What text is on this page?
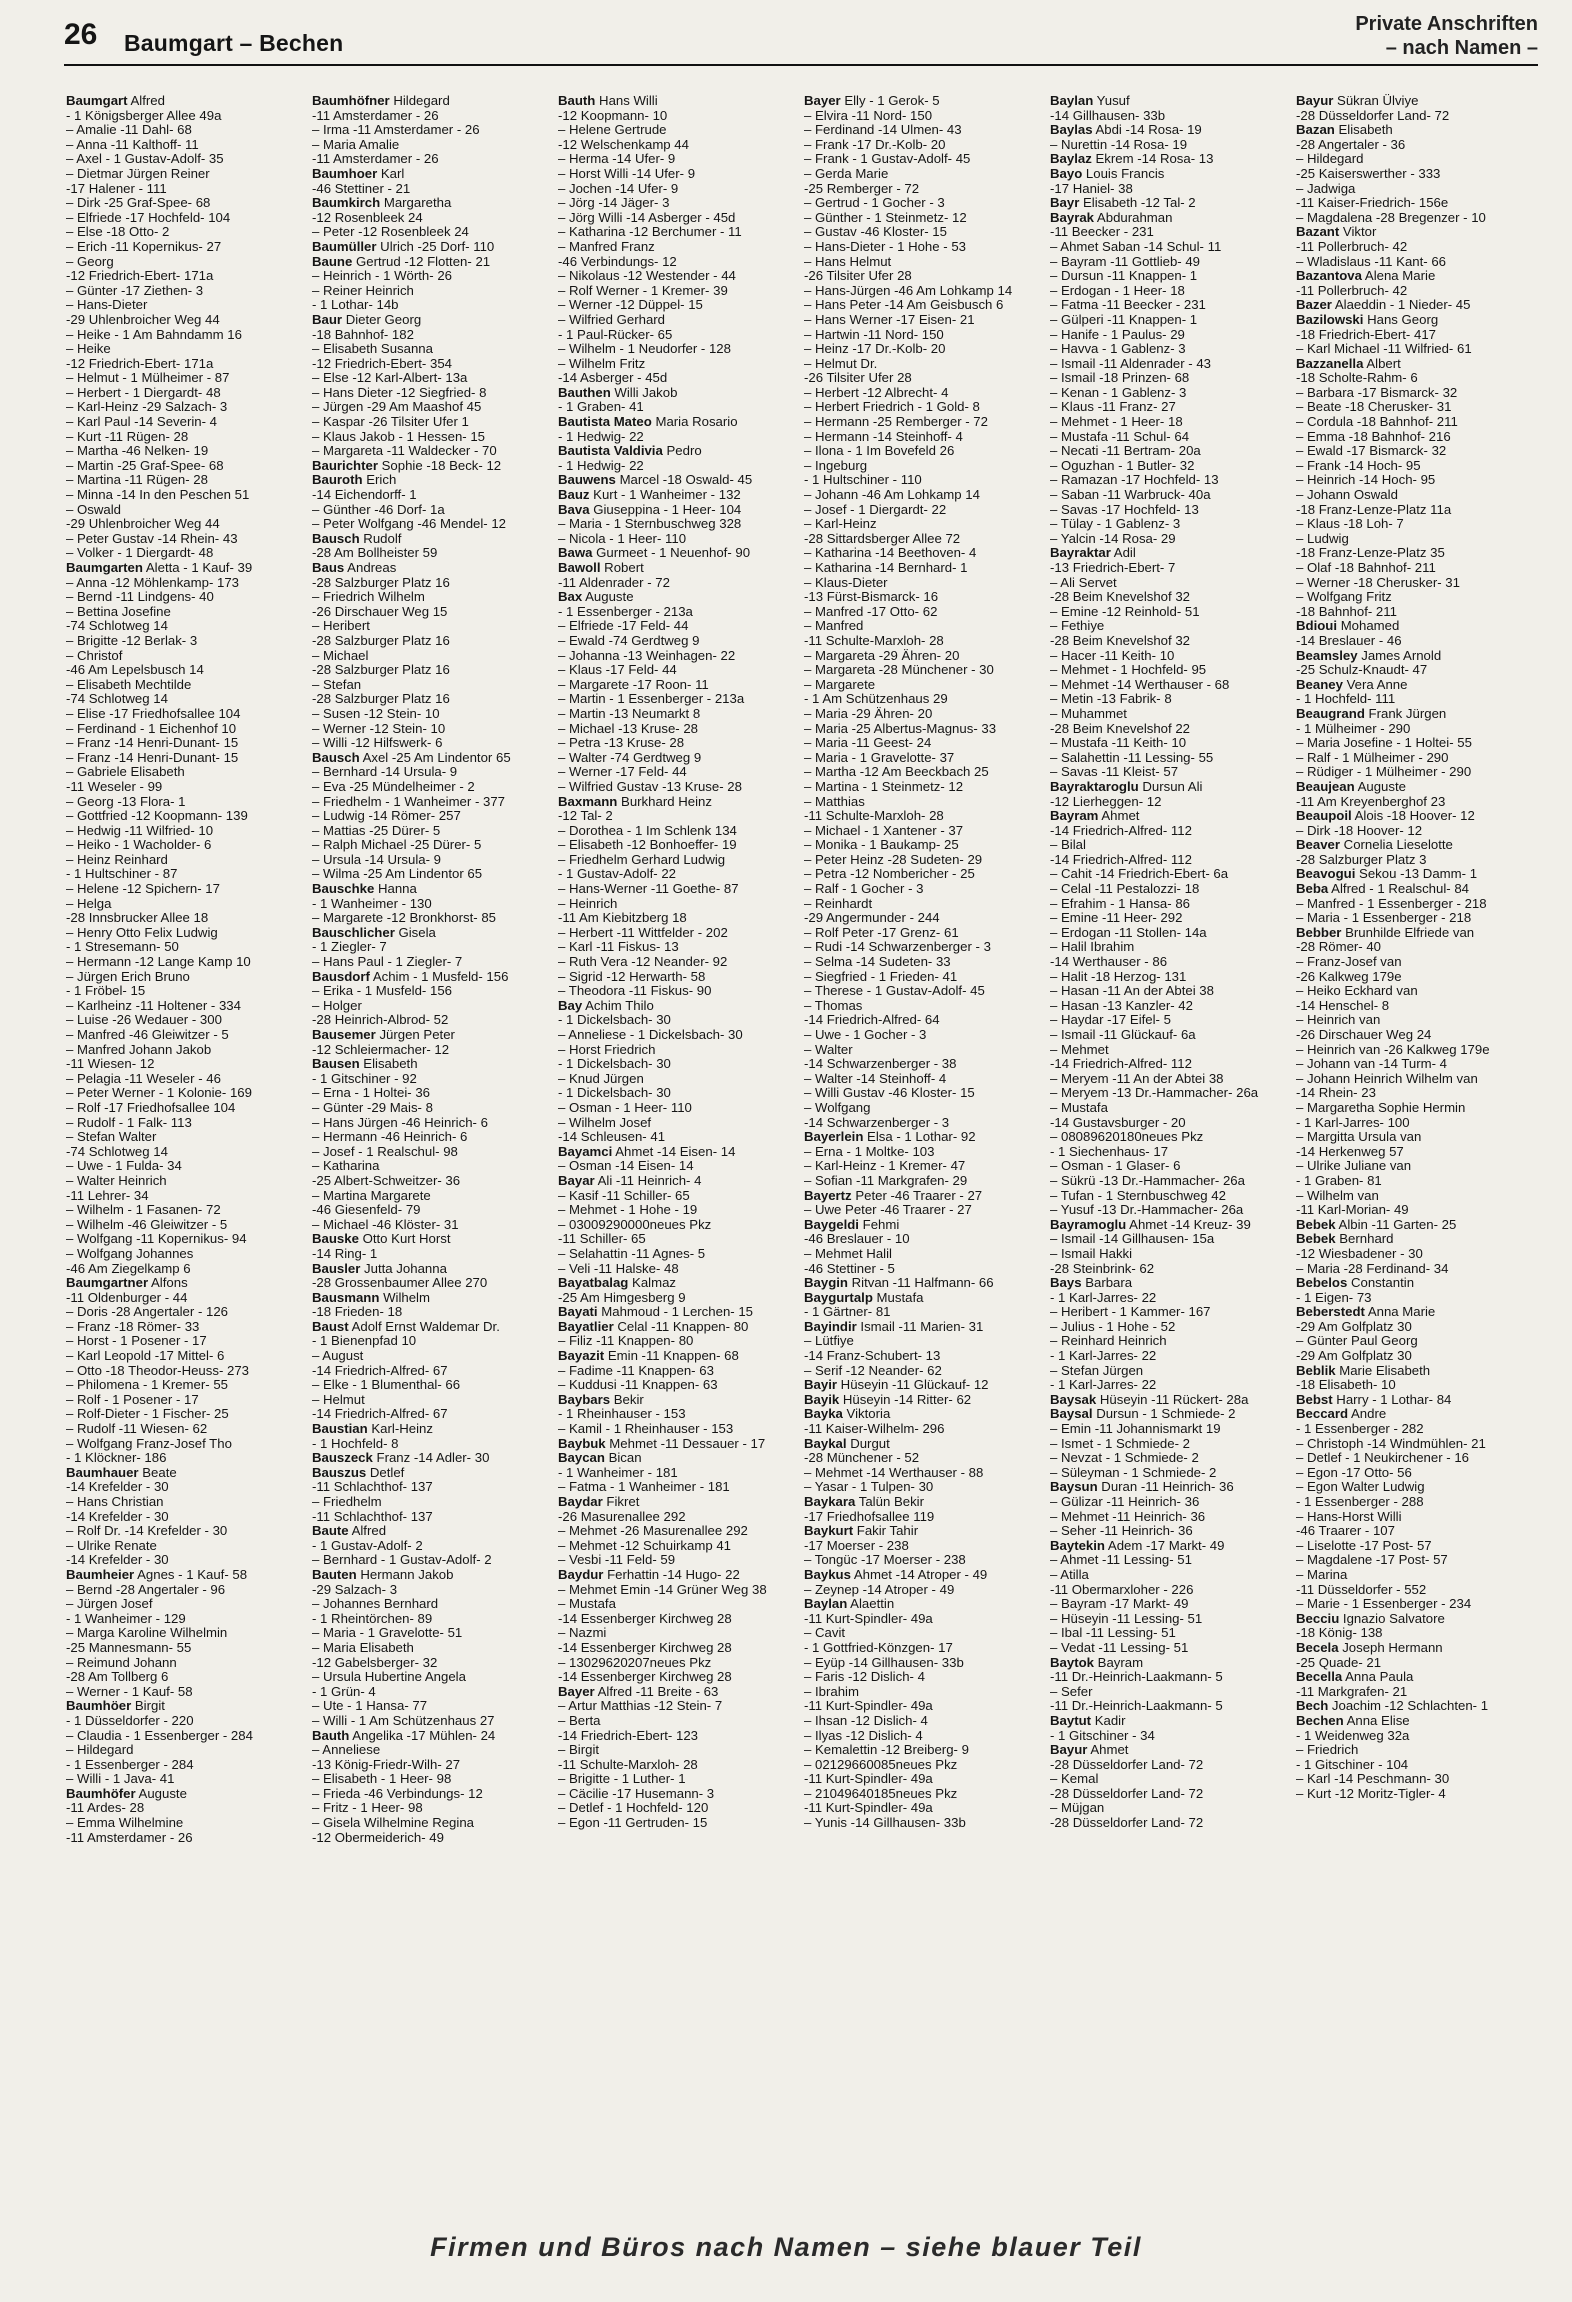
26 Baumgart – Bechen
Private Anschriften
– nach Namen –
Baumgart Alfred
- 1 Königsberger Allee 49a
– Amalie -11 Dahl- 68
– Anna -11 Kalthoff- 11
– Axel - 1 Gustav-Adolf- 35
– Dietmar Jürgen Reiner
-17 Halener - 111
– Dirk -25 Graf-Spee- 68
– Elfriede -17 Hochfeld- 104
– Else -18 Otto- 2
– Erich -11 Kopernikus- 27
– Georg
-12 Friedrich-Ebert- 171a
– Günter -17 Ziethen- 3
– Hans-Dieter
-29 Uhlenbroicher Weg 44
– Heike - 1 Am Bahndamm 16
– Heike
-12 Friedrich-Ebert- 171a
– Helmut - 1 Mülheimer - 87
– Herbert - 1 Diergardt- 48
– Karl-Heinz -29 Salzach- 3
– Karl Paul -14 Severin- 4
– Kurt -11 Rügen- 28
– Martha -46 Nelken- 19
– Martin -25 Graf-Spee- 68
– Martina -11 Rügen- 28
– Minna -14 In den Peschen 51
– Oswald
-29 Uhlenbroicher Weg 44
– Peter Gustav -14 Rhein- 43
– Volker - 1 Diergardt- 48
Baumgarten Aletta - 1 Kauf- 39
– Anna -12 Möhlenkamp- 173
– Bernd -11 Lindgens- 40
– Bettina Josefine
-74 Schlotweg 14
– Brigitte -12 Berlak- 3
– Christof
-46 Am Lepelsbusch 14
– Elisabeth Mechtilde
-74 Schlotweg 14
– Elise -17 Friedhofsallee 104
– Ferdinand - 1 Eichenhof 10
– Franz -14 Henri-Dunant- 15
– Franz -14 Henri-Dunant- 15
– Gabriele Elisabeth
-11 Weseler - 99
– Georg -13 Flora- 1
– Gottfried -12 Koopmann- 139
– Hedwig -11 Wilfried- 10
– Heiko - 1 Wacholder- 6
– Heinz Reinhard
- 1 Hultschiner - 87
– Helene -12 Spichern- 17
– Helga
-28 Innsbrucker Allee 18
– Henry Otto Felix Ludwig
- 1 Stresemann- 50
– Hermann -12 Lange Kamp 10
– Jürgen Erich Bruno
- 1 Fröbel- 15
– Karlheinz -11 Holtener - 334
– Luise -26 Wedauer - 300
– Manfred -46 Gleiwitzer - 5
– Manfred Johann Jakob
-11 Wiesen- 12
– Pelagia -11 Weseler - 46
– Peter Werner - 1 Kolonie- 169
– Rolf -17 Friedhofsallee 104
– Rudolf - 1 Falk- 113
– Stefan Walter
-74 Schlotweg 14
– Uwe - 1 Fulda- 34
– Walter Heinrich
-11 Lehrer- 34
– Wilhelm - 1 Fasanen- 72
– Wilhelm -46 Gleiwitzer - 5
– Wolfgang -11 Kopernikus- 94
– Wolfgang Johannes
-46 Am Ziegelkamp 6
Baumgartner Alfons
-11 Oldenburger - 44
– Doris -28 Angertaler - 126
– Franz -18 Römer- 33
– Horst - 1 Posener - 17
– Karl Leopold -17 Mittel- 6
– Otto -18 Theodor-Heuss- 273
– Philomena - 1 Kremer- 55
– Rolf - 1 Posener - 17
– Rolf-Dieter - 1 Fischer- 25
– Rudolf -11 Wiesen- 62
– Wolfgang Franz-Josef Tho
- 1 Klöckner- 186
Baumhauer Beate
-14 Krefelder - 30
– Hans Christian
-14 Krefelder - 30
– Rolf Dr. -14 Krefelder - 30
– Ulrike Renate
-14 Krefelder - 30
Baumheier Agnes - 1 Kauf- 58
– Bernd -28 Angertaler - 96
– Jürgen Josef
- 1 Wanheimer - 129
– Marga Karoline Wilhelmin
-25 Mannesmann- 55
– Reimund Johann
-28 Am Tollberg 6
– Werner - 1 Kauf- 58
Baumhöer Birgit
- 1 Düsseldorfer - 220
– Claudia - 1 Essenberger - 284
– Hildegard
- 1 Essenberger - 284
– Willi - 1 Java- 41
Baumhöfer Auguste
-11 Ardes- 28
– Emma Wilhelmine
-11 Amsterdamer - 26
Baumhöfner Hildegard
-11 Amsterdamer - 26
– Irma -11 Amsterdamer - 26
– Maria Amalie
-11 Amsterdamer - 26
Baumhoer Karl
-46 Stettiner - 21
Baumkirch Margaretha
-12 Rosenbleek 24
– Peter -12 Rosenbleek 24
Baumüller Ulrich -25 Dorf- 110
Baune Gertrud -12 Flotten- 21
– Heinrich - 1 Wörth- 26
– Reiner Heinrich
- 1 Lothar- 14b
Baur Dieter Georg
-18 Bahnhof- 182
– Elisabeth Susanna
-12 Friedrich-Ebert- 354
– Else -12 Karl-Albert- 13a
– Hans Dieter -12 Siegfried- 8
– Jürgen -29 Am Maashof 45
– Kaspar -26 Tilsiter Ufer 1
– Klaus Jakob - 1 Hessen- 15
– Margareta -11 Waldecker - 70
Baurichter Sophie -18 Beck- 12
Bauroth Erich
-14 Eichendorff- 1
– Günther -46 Dorf- 1a
– Peter Wolfgang -46 Mendel- 12
Bausch Rudolf
-28 Am Bollheister 59
Baus Andreas
-28 Salzburger Platz 16
– Friedrich Wilhelm
-26 Dirschauer Weg 15
– Heribert
-28 Salzburger Platz 16
– Michael
-28 Salzburger Platz 16
– Stefan
-28 Salzburger Platz 16
– Susen -12 Stein- 10
– Werner -12 Stein- 10
– Willi -12 Hilfswerk- 6
Bausch Axel -25 Am Lindentor 65
– Bernhard -14 Ursula- 9
– Eva -25 Mündelheimer - 2
– Friedhelm - 1 Wanheimer - 377
– Ludwig -14 Römer- 257
– Mattias -25 Dürer- 5
– Ralph Michael -25 Dürer- 5
– Ursula -14 Ursula- 9
– Wilma -25 Am Lindentor 65
Bauschke Hanna
- 1 Wanheimer - 130
– Margarete -12 Bronkhorst- 85
Bauschlicher Gisela
- 1 Ziegler- 7
– Hans Paul - 1 Ziegler- 7
Bausdorf Achim - 1 Musfeld- 156
– Erika - 1 Musfeld- 156
– Holger
-28 Heinrich-Albrod- 52
Bausemer Jürgen Peter
-12 Schleiermacher- 12
Bausen Elisabeth
- 1 Gitschiner - 92
– Erna - 1 Holtei- 36
– Günter -29 Mais- 8
– Hans Jürgen -46 Heinrich- 6
– Hermann -46 Heinrich- 6
– Josef - 1 Realschul- 98
– Katharina
-25 Albert-Schweitzer- 36
– Martina Margarete
-46 Giesenfeld- 79
– Michael -46 Klöster- 31
Bauske Otto Kurt Horst
-14 Ring- 1
Bausler Jutta Johanna
-28 Grossenbaumer Allee 270
Bausmann Wilhelm
-18 Frieden- 18
Baust Adolf Ernst Waldemar Dr.
- 1 Bienenpfad 10
– August
-14 Friedrich-Alfred- 67
– Elke - 1 Blumenthal- 66
– Helmut
-14 Friedrich-Alfred- 67
Baustian Karl-Heinz
- 1 Hochfeld- 8
Bauszeck Franz -14 Adler- 30
Bauszus Detlef
-11 Schlachthof- 137
– Friedhelm
-11 Schlachthof- 137
Baute Alfred
- 1 Gustav-Adolf- 2
– Bernhard - 1 Gustav-Adolf- 2
Bauten Hermann Jakob
-29 Salzach- 3
– Johannes Bernhard
- 1 Rheintörchen- 89
– Maria - 1 Gravelotte- 51
– Maria Elisabeth
-12 Gabelsberger- 32
– Ursula Hubertine Angela
- 1 Grün- 4
– Ute - 1 Hansa- 77
– Willi - 1 Am Schützenhaus 27
Bauth Angelika -17 Mühlen- 24
– Anneliese
-13 König-Friedr-Wilh- 27
– Elisabeth - 1 Heer- 98
– Frieda -46 Verbindungs- 12
– Fritz - 1 Heer- 98
– Gisela Wilhelmine Regina
-12 Obermeiderich- 49
Bauth Hans Willi
-12 Koopmann- 10
– Helene Gertrude
-12 Welschenkamp 44
– Herma -14 Ufer- 9
– Horst Willi -14 Ufer- 9
– Jochen -14 Ufer- 9
– Jörg -14 Jäger- 3
– Jörg Willi -14 Asberger - 45d
– Katharina -12 Berchumer - 11
– Manfred Franz
-46 Verbindungs- 12
– Nikolaus -12 Westender - 44
– Rolf Werner - 1 Kremer- 39
– Werner -12 Düppel- 15
– Wilfried Gerhard
- 1 Paul-Rücker- 65
– Wilhelm - 1 Neudorfer - 128
– Wilhelm Fritz
-14 Asberger - 45d
Bauthen Willi Jakob
- 1 Graben- 41
Bautista Mateo Maria Rosario
- 1 Hedwig- 22
Bautista Valdivia Pedro
- 1 Hedwig- 22
Bauwens Marcel -18 Oswald- 45
Bauz Kurt - 1 Wanheimer - 132
Bava Giuseppina - 1 Heer- 104
– Maria - 1 Sternbuschweg 328
– Nicola - 1 Heer- 110
Bawa Gurmeet - 1 Neuenhof- 90
Bawoll Robert
-11 Aldenrader - 72
Bax Auguste
- 1 Essenberger - 213a
– Elfriede -17 Feld- 44
– Ewald -74 Gerdtweg 9
– Johanna -13 Weinhagen- 22
– Klaus -17 Feld- 44
– Margarete -17 Roon- 11
– Martin - 1 Essenberger - 213a
– Martin -13 Neumarkt 8
– Michael -13 Kruse- 28
– Petra -13 Kruse- 28
– Walter -74 Gerdtweg 9
– Werner -17 Feld- 44
– Wilfried Gustav -13 Kruse- 28
Baxmann Burkhard Heinz
-12 Tal- 2
– Dorothea - 1 Im Schlenk 134
– Elisabeth -12 Bonhoeffer- 19
– Friedhelm Gerhard Ludwig
- 1 Gustav-Adolf- 22
– Hans-Werner -11 Goethe- 87
– Heinrich
-11 Am Kiebitzberg 18
– Herbert -11 Wittfelder - 202
– Karl -11 Fiskus- 13
– Ruth Vera -12 Neander- 92
– Sigrid -12 Herwarth- 58
– Theodora -11 Fiskus- 90
Bay Achim Thilo
- 1 Dickelsbach- 30
– Anneliese - 1 Dickelsbach- 30
– Horst Friedrich
- 1 Dickelsbach- 30
– Knud Jürgen
- 1 Dickelsbach- 30
– Osman - 1 Heer- 110
– Wilhelm Josef
-14 Schleusen- 41
Bayamci Ahmet -14 Eisen- 14
– Osman -14 Eisen- 14
Bayar Ali -11 Heinrich- 4
– Kasif -11 Schiller- 65
– Mehmet - 1 Hohe - 19
– 03009290000neues Pkz
-11 Schiller- 65
– Selahattin -11 Agnes- 5
– Veli -11 Halske- 48
Bayatbalag Kalmaz
-25 Am Himgesberg 9
Bayati Mahmoud - 1 Lerchen- 15
Bayatlier Celal -11 Knappen- 80
– Filiz -11 Knappen- 80
Bayazit Emin -11 Knappen- 68
– Fadime -11 Knappen- 63
– Kuddusi -11 Knappen- 63
Baybars Bekir
- 1 Rheinhauser - 153
– Kamil - 1 Rheinhauser - 153
Baybuk Mehmet -11 Dessauer - 17
Baycan Bican
- 1 Wanheimer - 181
– Fatma - 1 Wanheimer - 181
Baydar Fikret
-26 Masurenallee 292
– Mehmet -26 Masurenallee 292
– Mehmet -12 Schuirkamp 41
– Vesbi -11 Feld- 59
Baydur Ferhattin -14 Hugo- 22
– Mehmet Emin -14 Grüner Weg 38
– Mustafa
-14 Essenberger Kirchweg 28
– Nazmi
-14 Essenberger Kirchweg 28
– 13029620207neues Pkz
-14 Essenberger Kirchweg 28
Bayer Alfred -11 Breite - 63
– Artur Matthias -12 Stein- 7
– Berta
-14 Friedrich-Ebert- 123
– Birgit
-11 Schulte-Marxloh- 28
– Brigitte - 1 Luther- 1
– Cäcilie -17 Husemann- 3
– Detlef - 1 Hochfeld- 120
– Egon -11 Gertruden- 15
Bayer Elly - 1 Gerok- 5
– Elvira -11 Nord- 150
– Ferdinand -14 Ulmen- 43
– Frank -17 Dr.-Kolb- 20
– Frank - 1 Gustav-Adolf- 45
– Gerda Marie
-25 Remberger - 72
– Gertrud - 1 Gocher - 3
– Günther - 1 Steinmetz- 12
– Gustav -46 Kloster- 15
– Hans-Dieter - 1 Hohe - 53
– Hans Helmut
-26 Tilsiter Ufer 28
– Hans-Jürgen -46 Am Lohkamp 14
– Hans Peter -14 Am Geisbusch 6
– Hans Werner -17 Eisen- 21
– Hartwin -11 Nord- 150
– Heinz -17 Dr.-Kolb- 20
– Helmut Dr.
-26 Tilsiter Ufer 28
– Herbert -12 Albrecht- 4
– Herbert Friedrich - 1 Gold- 8
– Hermann -25 Remberger - 72
– Hermann -14 Steinhoff- 4
– Ilona - 1 Im Bovefeld 26
– Ingeburg
- 1 Hultschiner - 110
– Johann -46 Am Lohkamp 14
– Josef - 1 Diergardt- 22
– Karl-Heinz
-28 Sittardsberger Allee 72
– Katharina -14 Beethoven- 4
– Katharina -14 Bernhard- 1
– Klaus-Dieter
-13 Fürst-Bismarck- 16
– Manfred -17 Otto- 62
– Manfred
-11 Schulte-Marxloh- 28
– Margareta -29 Ähren- 20
– Margareta -28 Münchener - 30
– Margarete
- 1 Am Schützenhaus 29
– Maria -29 Ähren- 20
– Maria -25 Albertus-Magnus- 33
– Maria -11 Geest- 24
– Maria - 1 Gravelotte- 37
– Martha -12 Am Beeckbach 25
– Martina - 1 Steinmetz- 12
– Matthias
-11 Schulte-Marxloh- 28
– Michael - 1 Xantener - 37
– Monika - 1 Baukamp- 25
– Peter Heinz -28 Sudeten- 29
– Petra -12 Nombericher - 25
– Ralf - 1 Gocher - 3
– Reinhardt
-29 Angermunder - 244
– Rolf Peter -17 Grenz- 61
– Rudi -14 Schwarzenberger - 3
– Selma -14 Sudeten- 33
– Siegfried - 1 Frieden- 41
– Therese - 1 Gustav-Adolf- 45
– Thomas
-14 Friedrich-Alfred- 64
– Uwe - 1 Gocher - 3
– Walter
-14 Schwarzenberger - 38
– Walter -14 Steinhoff- 4
– Willi Gustav -46 Kloster- 15
– Wolfgang
-14 Schwarzenberger - 3
Bayerlein Elsa - 1 Lothar- 92
– Erna - 1 Moltke- 103
– Karl-Heinz - 1 Kremer- 47
– Sofian -11 Markgrafen- 29
Bayertz Peter -46 Traarer - 27
– Uwe Peter -46 Traarer - 27
Baygeldi Fehmi
-46 Breslauer - 10
– Mehmet Halil
-46 Stettiner - 5
Baygin Ritvan -11 Halfmann- 66
Baygurtalp Mustafa
- 1 Gärtner- 81
Bayindir Ismail -11 Marien- 31
– Lütfiye
-14 Franz-Schubert- 13
– Serif -12 Neander- 62
Bayir Hüseyin -11 Glückauf- 12
Bayik Hüseyin -14 Ritter- 62
Bayka Viktoria
-11 Kaiser-Wilhelm- 296
Baykal Durgut
-28 Münchener - 52
– Mehmet -14 Werthauser - 88
– Yasar - 1 Tulpen- 30
Baykara Talün Bekir
-17 Friedhofsallee 119
Baykurt Fakir Tahir
-17 Moerser - 238
– Tongüc -17 Moerser - 238
Baykus Ahmet -14 Atroper - 49
– Zeynep -14 Atroper - 49
Baylan Alaettin
-11 Kurt-Spindler- 49a
– Cavit
- 1 Gottfried-Könzgen- 17
– Eyüp -14 Gillhausen- 33b
– Faris -12 Dislich- 4
– Ibrahim
-11 Kurt-Spindler- 49a
– Ihsan -12 Dislich- 4
– Ilyas -12 Dislich- 4
– Kemalettin -12 Breiberg- 9
– 02129660085neues Pkz
-11 Kurt-Spindler- 49a
– 21049640185neues Pkz
-11 Kurt-Spindler- 49a
– Yunis -14 Gillhausen- 33b
Baylan Yusuf
-14 Gillhausen- 33b
Baylas Abdi -14 Rosa- 19
– Nurettin -14 Rosa- 19
Baylaz Ekrem -14 Rosa- 13
Bayo Louis Francis
-17 Haniel- 38
Bayr Elisabeth -12 Tal- 2
Bayrak Abdurahman
-11 Beecker - 231
– Ahmet Saban -14 Schul- 11
– Bayram -11 Gottlieb- 49
– Dursun -11 Knappen- 1
– Erdogan - 1 Heer- 18
– Fatma -11 Beecker - 231
– Gülperi -11 Knappen- 1
– Hanife - 1 Paulus- 29
– Havva - 1 Gablenz- 3
– Ismail -11 Aldenrader - 43
– Ismail -18 Prinzen- 68
– Kenan - 1 Gablenz- 3
– Klaus -11 Franz- 27
– Mehmet - 1 Heer- 18
– Mustafa -11 Schul- 64
– Necati -11 Bertram- 20a
– Oguzhan - 1 Butler- 32
– Ramazan -17 Hochfeld- 13
– Saban -11 Warbruck- 40a
– Savas -17 Hochfeld- 13
– Tülay - 1 Gablenz- 3
– Yalcin -14 Rosa- 29
Bayraktar Adil
-13 Friedrich-Ebert- 7
– Ali Servet
-28 Beim Knevelshof 32
– Emine -12 Reinhold- 51
– Fethiye
-28 Beim Knevelshof 32
– Hacer -11 Keith- 10
– Mehmet - 1 Hochfeld- 95
– Mehmet -14 Werthauser - 68
– Metin -13 Fabrik- 8
– Muhammet
-28 Beim Knevelshof 22
– Mustafa -11 Keith- 10
– Salahettin -11 Lessing- 55
– Savas -11 Kleist- 57
Bayraktaroglu Dursun Ali
-12 Lierheggen- 12
Bayram Ahmet
-14 Friedrich-Alfred- 112
– Bilal
-14 Friedrich-Alfred- 112
– Cahit -14 Friedrich-Ebert- 6a
– Celal -11 Pestalozzi- 18
– Efrahim - 1 Hansa- 86
– Emine -11 Heer- 292
– Erdogan -11 Stollen- 14a
– Halil Ibrahim
-14 Werthauser - 86
– Halit -18 Herzog- 131
– Hasan -11 An der Abtei 38
– Hasan -13 Kanzler- 42
– Haydar -17 Eifel- 5
– Ismail -11 Glückauf- 6a
– Mehmet
-14 Friedrich-Alfred- 112
– Meryem -11 An der Abtei 38
– Meryem -13 Dr.-Hammacher- 26a
– Mustafa
-14 Gustavsburger - 20
– 08089620180neues Pkz
- 1 Siechenhaus- 17
– Osman - 1 Glaser- 6
– Sükrü -13 Dr.-Hammacher- 26a
– Tufan - 1 Sternbuschweg 42
– Yusuf -13 Dr.-Hammacher- 26a
Bayramoglu Ahmet -14 Kreuz- 39
– Ismail -14 Gillhausen- 15a
– Ismail Hakki
-28 Steinbrink- 62
Bays Barbara
- 1 Karl-Jarres- 22
– Heribert - 1 Kammer- 167
– Julius - 1 Hohe - 52
– Reinhard Heinrich
- 1 Karl-Jarres- 22
– Stefan Jürgen
- 1 Karl-Jarres- 22
Baysak Hüseyin -11 Rückert- 28a
Baysal Dursun - 1 Schmiede- 2
– Emin -11 Johannismarkt 19
– Ismet - 1 Schmiede- 2
– Nevzat - 1 Schmiede- 2
– Süleyman - 1 Schmiede- 2
Baysun Duran -11 Heinrich- 36
– Gülizar -11 Heinrich- 36
– Mehmet -11 Heinrich- 36
– Seher -11 Heinrich- 36
Baytekin Adem -17 Markt- 49
– Ahmet -11 Lessing- 51
– Atilla
-11 Obermarxloher - 226
– Bayram -17 Markt- 49
– Hüseyin -11 Lessing- 51
– Ibal -11 Lessing- 51
– Vedat -11 Lessing- 51
Baytok Bayram
-11 Dr.-Heinrich-Laakmann- 5
– Sefer
-11 Dr.-Heinrich-Laakmann- 5
Baytut Kadir
- 1 Gitschiner - 34
Bayur Ahmet
-28 Düsseldorfer Land- 72
– Kemal
-28 Düsseldorfer Land- 72
– Müjgan
-28 Düsseldorfer Land- 72
Bayur Sükran Ülviye
-28 Düsseldorfer Land- 72
Bazan Elisabeth
-28 Angertaler - 36
– Hildegard
-25 Kaiserswerther - 333
– Jadwiga
-11 Kaiser-Friedrich- 156e
– Magdalena -28 Bregenzer - 10
Bazant Viktor
-11 Pollerbruch- 42
– Wladislaus -11 Kant- 66
Bazantova Alena Marie
-11 Pollerbruch- 42
Bazer Alaeddin - 1 Nieder- 45
Bazilowski Hans Georg
-18 Friedrich-Ebert- 417
– Karl Michael -11 Wilfried- 61
Bazzanella Albert
-18 Scholte-Rahm- 6
– Barbara -17 Bismarck- 32
– Beate -18 Cherusker- 31
– Cordula -18 Bahnhof- 211
– Emma -18 Bahnhof- 216
– Ewald -17 Bismarck- 32
– Frank -14 Hoch- 95
– Heinrich -14 Hoch- 95
– Johann Oswald
-18 Franz-Lenze-Platz 11a
– Klaus -18 Loh- 7
– Ludwig
-18 Franz-Lenze-Platz 35
– Olaf -18 Bahnhof- 211
– Werner -18 Cherusker- 31
– Wolfgang Fritz
-18 Bahnhof- 211
Bdioui Mohamed
-14 Breslauer - 46
Beamsley James Arnold
-25 Schulz-Knaudt- 47
Beaney Vera Anne
- 1 Hochfeld- 111
Beaugrand Frank Jürgen
- 1 Mülheimer - 290
– Maria Josefine - 1 Holtei- 55
– Ralf - 1 Mülheimer - 290
– Rüdiger - 1 Mülheimer - 290
Beaujean Auguste
-11 Am Kreyenberghof 23
Beaupoil Alois -18 Hoover- 12
– Dirk -18 Hoover- 12
Beaver Cornelia Lieselotte
-28 Salzburger Platz 3
Beavogui Sekou -13 Damm- 1
Beba Alfred - 1 Realschul- 84
– Manfred - 1 Essenberger - 218
– Maria - 1 Essenberger - 218
Bebber Brunhilde Elfriede van
-28 Römer- 40
– Franz-Josef van
-26 Kalkweg 179e
– Heiko Eckhard van
-14 Henschel- 8
– Heinrich van
-26 Dirschauer Weg 24
– Heinrich van -26 Kalkweg 179e
– Johann van -14 Turm- 4
– Johann Heinrich Wilhelm van
-14 Rhein- 23
– Margaretha Sophie Hermin
- 1 Karl-Jarres- 100
– Margitta Ursula van
-14 Herkenweg 57
– Ulrike Juliane van
- 1 Graben- 81
– Wilhelm van
-11 Karl-Morian- 49
Bebek Albin -11 Garten- 25
Bebek Bernhard
-12 Wiesbadener - 30
– Maria -28 Ferdinand- 34
Bebelos Constantin
- 1 Eigen- 73
Beberstedt Anna Marie
-29 Am Golfplatz 30
– Günter Paul Georg
-29 Am Golfplatz 30
Beblik Marie Elisabeth
-18 Elisabeth- 10
Bebst Harry - 1 Lothar- 84
Beccard Andre
- 1 Essenberger - 282
– Christoph -14 Windmühlen- 21
– Detlef - 1 Neukirchener - 16
– Egon -17 Otto- 56
– Egon Walter Ludwig
- 1 Essenberger - 288
– Hans-Horst Willi
-46 Traarer - 107
– Liselotte -17 Post- 57
– Magdalene -17 Post- 57
– Marina
-11 Düsseldorfer - 552
– Marie - 1 Essenberger - 234
Becciu Ignazio Salvatore
-18 König- 138
Becela Joseph Hermann
-25 Quade- 21
Becella Anna Paula
-11 Markgrafen- 21
Bech Joachim -12 Schlachten- 1
Bechen Anna Elise
- 1 Weidenweg 32a
– Friedrich
- 1 Gitschiner - 104
– Karl -14 Peschmann- 30
– Kurt -12 Moritz-Tigler- 4
Firmen und Büros nach Namen – siehe blauer Teil
